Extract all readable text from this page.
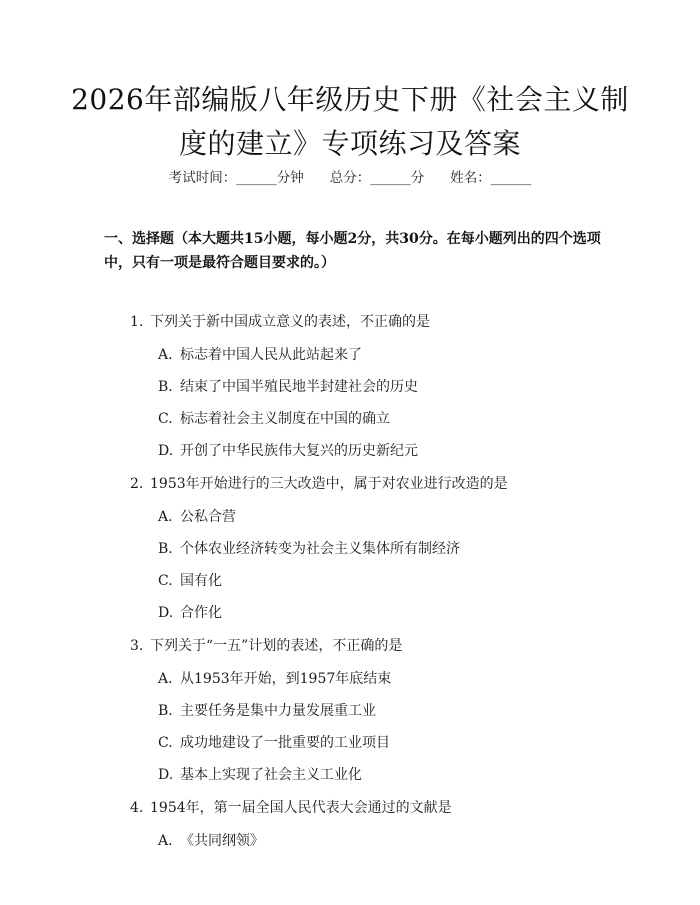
2026年部编版八年级历史下册《社会主义制
度的建立》专项练习及答案
考试时间：______分钟 总分：______分 姓名：______
一、选择题（本大题共15小题，每小题2分，共30分。在每小题列出的四个选项中，只有一项是最符合题目要求的。）
1. 下列关于新中国成立意义的表述，不正确的是
A. 标志着中国人民从此站起来了
B. 结束了中国半殖民地半封建社会的历史
C. 标志着社会主义制度在中国的确立
D. 开创了中华民族伟大复兴的历史新纪元
2. 1953年开始进行的三大改造中，属于对农业进行改造的是
A. 公私合营
B. 个体农业经济转变为社会主义集体所有制经济
C. 国有化
D. 合作化
3. 下列关于“一五”计划的表述，不正确的是
A. 从1953年开始，到1957年底结束
B. 主要任务是集中力量发展重工业
C. 成功地建设了一批重要的工业项目
D. 基本上实现了社会主义工业化
4. 1954年，第一届全国人民代表大会通过的文献是
A. 《共同纲领》
